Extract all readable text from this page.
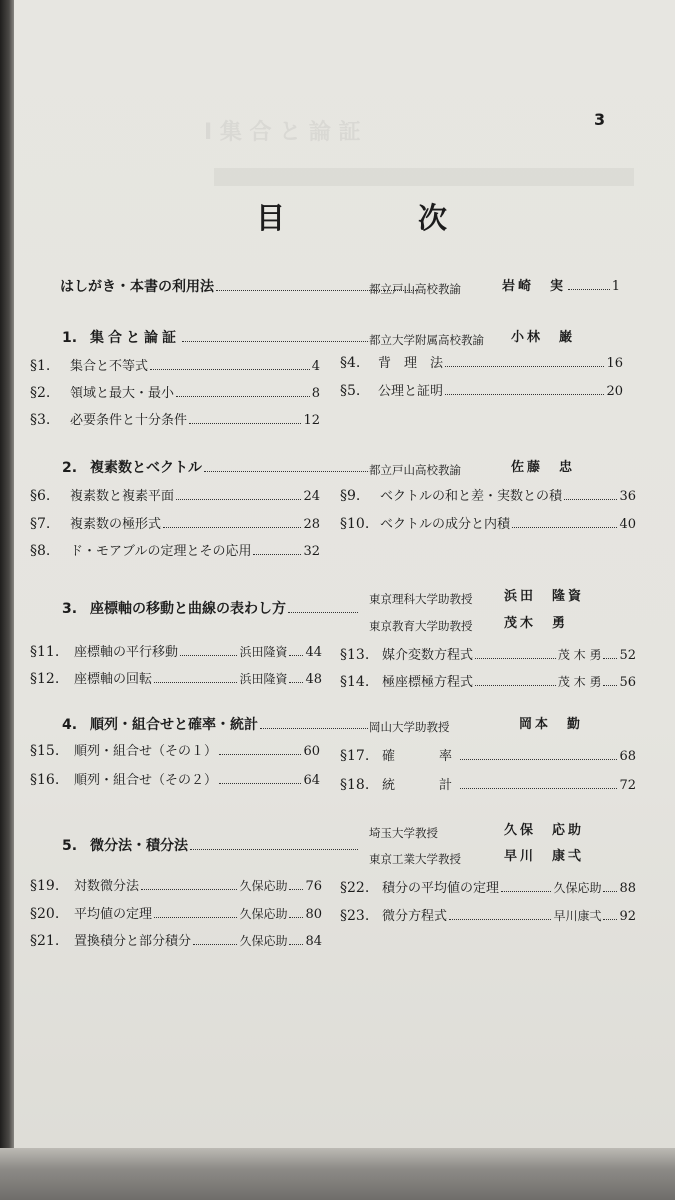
Ⅰ 集 合 と 論 証
3
目　次
はしがき・本書の利用法	都立戸山高校教諭	岩崎　実	1
1. 集合と論証	都立大学附属高校教諭 小林　巌
§1.	集合と不等式	4
§2.	領域と最大・最小	8
§3.	必要条件と十分条件	12
§4.	背　理　法	16
§5.	公理と証明	20
2. 複素数とベクトル	都立戸山高校教諭	佐藤　忠
§6.	複素数と複素平面	24
§7.	複素数の極形式	28
§8.	ド・モアブルの定理とその応用	32
§9.	ベクトルの和と差・実数との積	36
§10. ベクトルの成分と内積	40
3. 座標軸の移動と曲線の表わし方
東京理科大学助教授 浜田　隆資
東京教育大学助教授 茂木　勇
§11.	座標軸の平行移動	浜田隆資 44
§12.	座標軸の回転	浜田隆資 48
§13. 媒介変数方程式	茂 木 勇 52
§14. 極座標極方程式	茂 木 勇 56
4. 順列・組合せと確率・統計	岡山大学助教授	岡本　勤
§15.	順列・組合せ（その１）	60
§16.	順列・組合せ（その２）	64
§17. 確　　率	68
§18. 統　　計	72
5. 微分法・積分法
埼玉大学教授	久保　応助
東京工業大学教授	早川　康弌
§19.	対数微分法	久保応助 76
§20.	平均値の定理	久保応助 80
§21.	置換積分と部分積分	久保応助 84
§22. 積分の平均値の定理	久保応助 88
§23. 微分方程式	早川康弌 92
